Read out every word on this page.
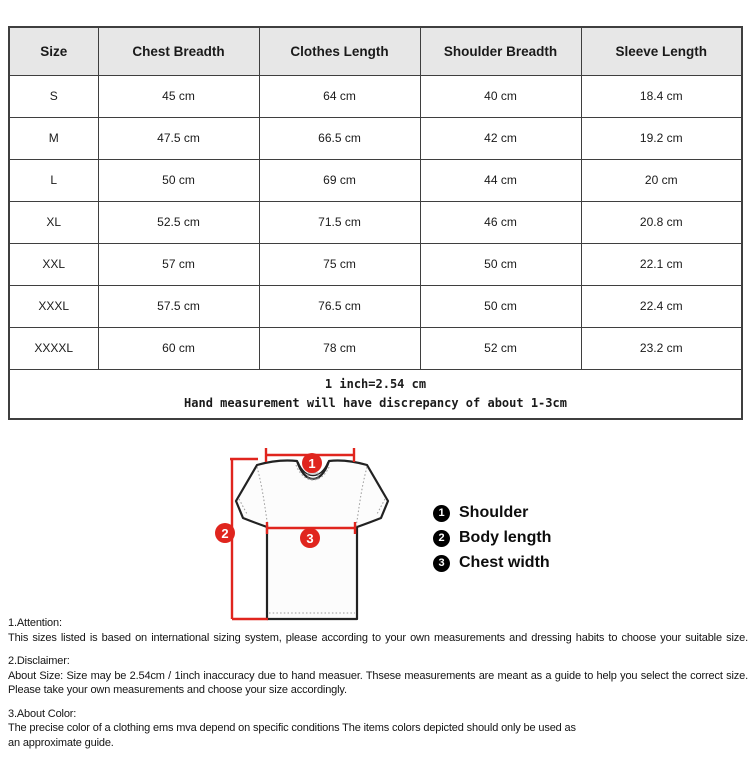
Size	Chest Breadth	Clothes Length	Shoulder Breadth	Sleeve Length
S	45 cm	64 cm	40 cm	18.4 cm
M	47.5 cm	66.5 cm	42 cm	19.2 cm
L	50 cm	69 cm	44 cm	20 cm
XL	52.5 cm	71.5 cm	46 cm	20.8 cm
XXL	57 cm	75 cm	50 cm	22.1 cm
XXXL	57.5 cm	76.5 cm	50 cm	22.4 cm
XXXXL	60 cm	78 cm	52 cm	23.2 cm

1 inch=2.54 cm
Hand measurement will have discrepancy of about 1-3cm				
1
2	3
1 Shoulder
2 Body length
3 Chest width
1.Attention:
This sizes listed is based on international sizing system, please according to your own measurements and dressing habits to choose your suitable size.
2.Disclaimer:
About Size: Size may be 2.54cm / 1inch inaccuracy due to hand measuer. Thsese measurements are meant as a guide to help you select the correct size.
Please take your own measurements and choose your size accordingly.
3.About Color:
The precise color of a clothing ems mva depend on specific conditions The items colors depicted should only be used as
an approximate guide.
